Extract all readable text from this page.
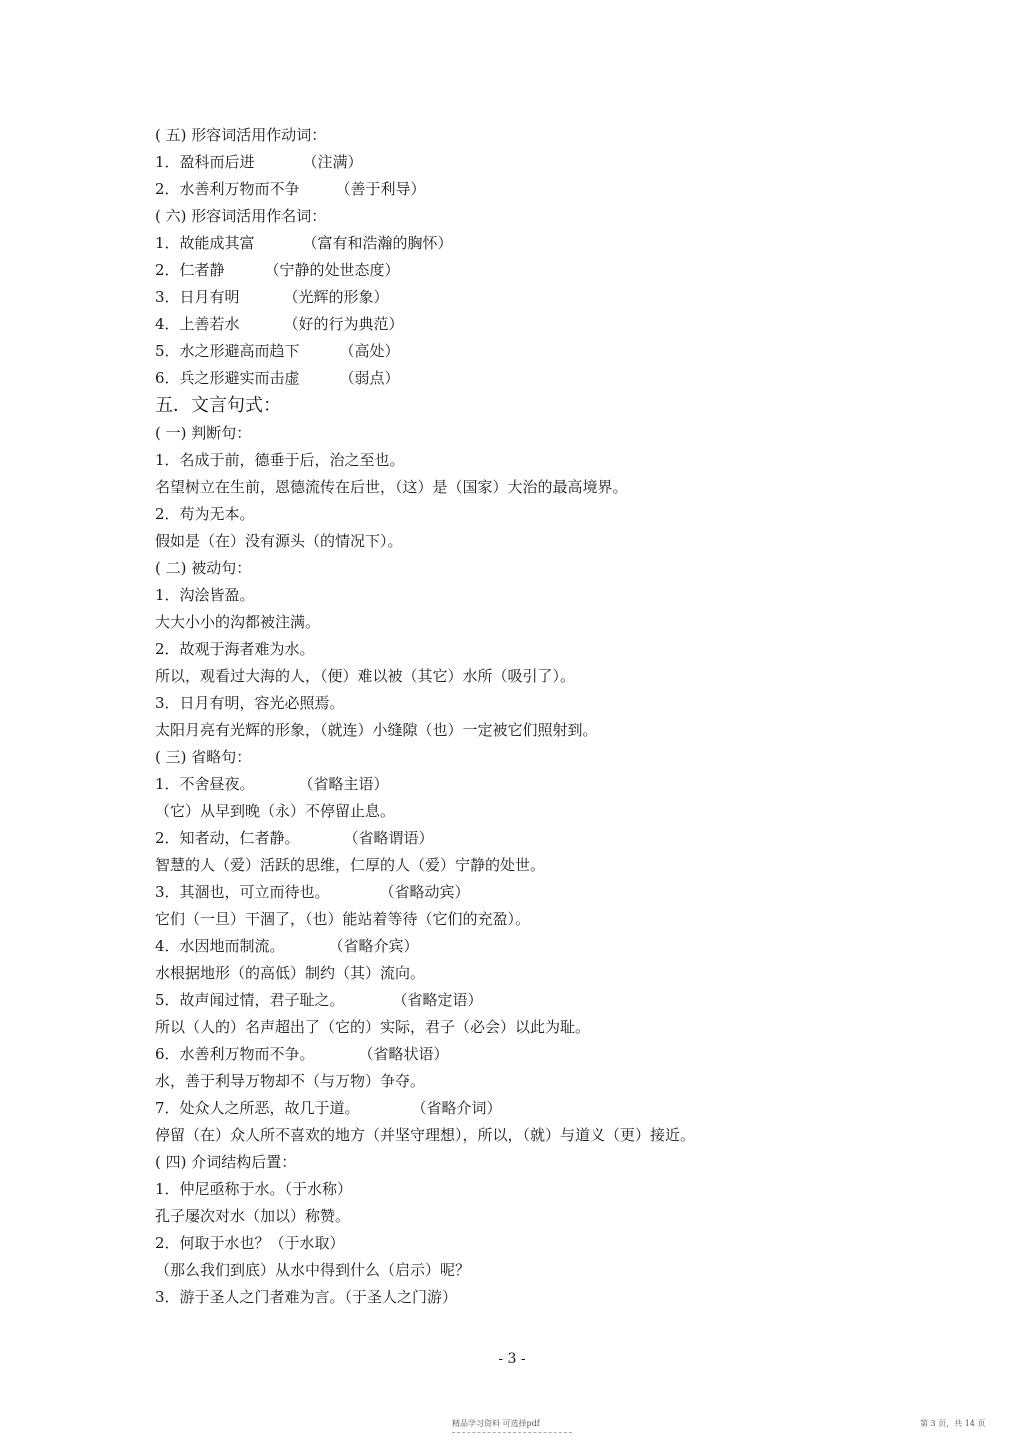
( 五) 形容词活用作动词：
1．盈科而后进	（注满）
2．水善利万物而不争 （善于利导）
( 六) 形容词活用作名词：
1．故能成其富	（富有和浩瀚的胸怀）
2．仁者静	（宁静的处世态度）
3．日月有明	（光辉的形象）
4．上善若水	（好的行为典范）
5．水之形避高而趋下	（高处）
6．兵之形避实而击虚	（弱点）
五．文言句式：
( 一) 判断句：
1．名成于前，德垂于后，治之至也。
名望树立在生前，恩德流传在后世，（这）是（国家）大治的最高境界。
2．苟为无本。
假如是（在）没有源头（的情况下）。
( 二) 被动句：
1．沟浍皆盈。
大大小小的沟都被注满。
2．故观于海者难为水。
所以，观看过大海的人，（便）难以被（其它）水所（吸引了）。
3．日月有明，容光必照焉。
太阳月亮有光辉的形象，（就连）小缝隙（也）一定被它们照射到。
( 三) 省略句：
1．不舍昼夜。	（省略主语）
（它）从早到晚（永）不停留止息。
2．知者动，仁者静。	（省略谓语）
智慧的人（爱）活跃的思维，仁厚的人（爱）宁静的处世。
3．其涸也，可立而待也。	（省略动宾）
它们（一旦）干涸了，（也）能站着等待（它们的充盈）。
4．水因地而制流。	（省略介宾）
水根据地形（的高低）制约（其）流向。
5．故声闻过情，君子耻之。	（省略定语）
所以（人的）名声超出了（它的）实际，君子（必会）以此为耻。
6．水善利万物而不争。	（省略状语）
水，善于利导万物却不（与万物）争夺。
7．处众人之所恶，故几于道。	（省略介词）
停留（在）众人所不喜欢的地方（并坚守理想），所以，（就）与道义（更）接近。
( 四) 介词结构后置：
1．仲尼亟称于水。（于水称）
孔子屡次对水（加以）称赞。
2．何取于水也？（于水取）
（那么我们到底）从水中得到什么（启示）呢？
3．游于圣人之门者难为言。（于圣人之门游）
- 3 -
精品学习资料 可选择pdf	第 3 页，共 14 页
